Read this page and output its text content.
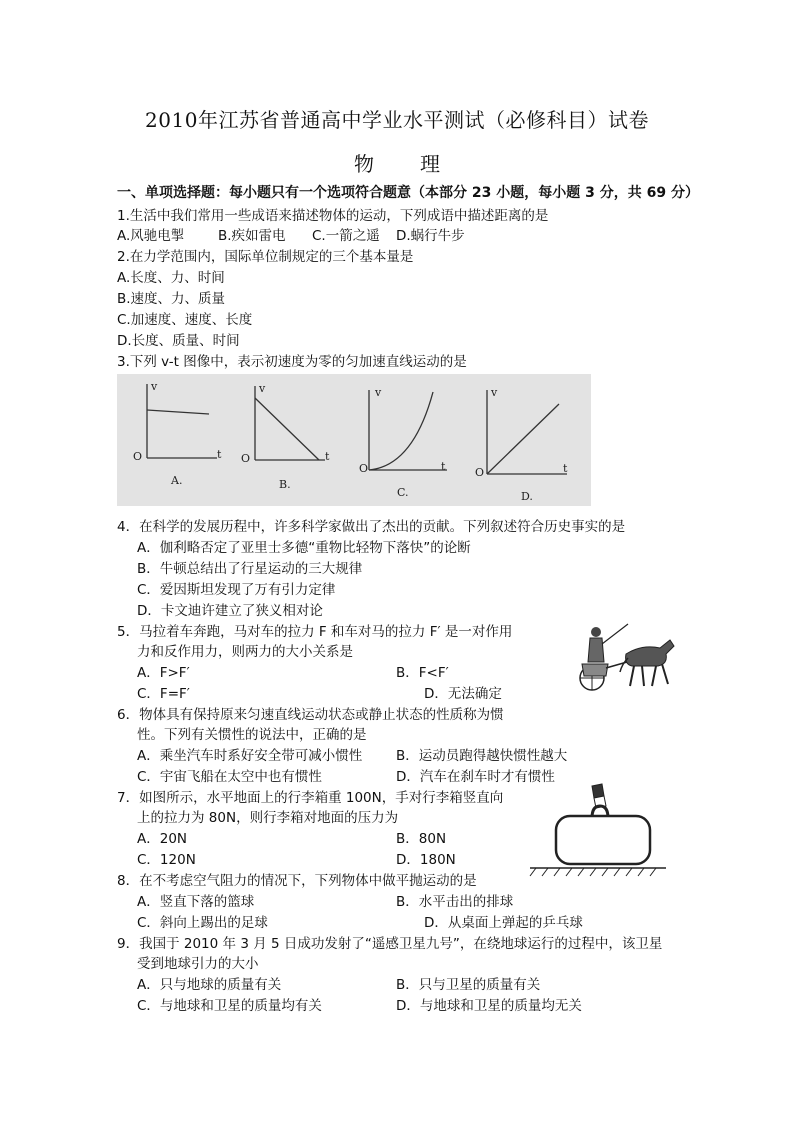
2010年江苏省普通高中学业水平测试（必修科目）试卷
物理
一、单项选择题：每小题只有一个选项符合题意（本部分 23 小题，每小题 3 分，共 69 分）
1.生活中我们常用一些成语来描述物体的运动，下列成语中描述距离的是
A.风驰电掣 B.疾如雷电 C.一箭之遥 D.蜗行牛步
2.在力学范围内，国际单位制规定的三个基本量是
A.长度、力、时间
B.速度、力、质量
C.加速度、速度、长度
D.长度、质量、时间
3.下列 v-t 图像中，表示初速度为零的匀加速直线运动的是
v
O	t
A.
v
O	t
B.
v
O	t
C.
v
O	t
D.
4．在科学的发展历程中，许多科学家做出了杰出的贡献。下列叙述符合历史事实的是
A．伽利略否定了亚里士多德“重物比轻物下落快”的论断
B．牛顿总结出了行星运动的三大规律
C．爱因斯坦发现了万有引力定律
D．卡文迪许建立了狭义相对论
5．马拉着车奔跑，马对车的拉力 F 和车对马的拉力 F′ 是一对作用
力和反作用力，则两力的大小关系是
A．F>F′	B．F<F′
C．F=F′	D．无法确定
6．物体具有保持原来匀速直线运动状态或静止状态的性质称为惯
性。下列有关惯性的说法中，正确的是
A．乘坐汽车时系好安全带可减小惯性	B．运动员跑得越快惯性越大
C．宇宙飞船在太空中也有惯性	D．汽车在刹车时才有惯性
7．如图所示，水平地面上的行李箱重 100N，手对行李箱竖直向
上的拉力为 80N，则行李箱对地面的压力为
A．20N	B．80N
C．120N	D．180N
8．在不考虑空气阻力的情况下，下列物体中做平抛运动的是
A．竖直下落的篮球	B．水平击出的排球
C．斜向上踢出的足球	D．从桌面上弹起的乒乓球
9．我国于 2010 年 3 月 5 日成功发射了“遥感卫星九号”，在绕地球运行的过程中，该卫星
受到地球引力的大小
A．只与地球的质量有关	B．只与卫星的质量有关
C．与地球和卫星的质量均有关	D．与地球和卫星的质量均无关
